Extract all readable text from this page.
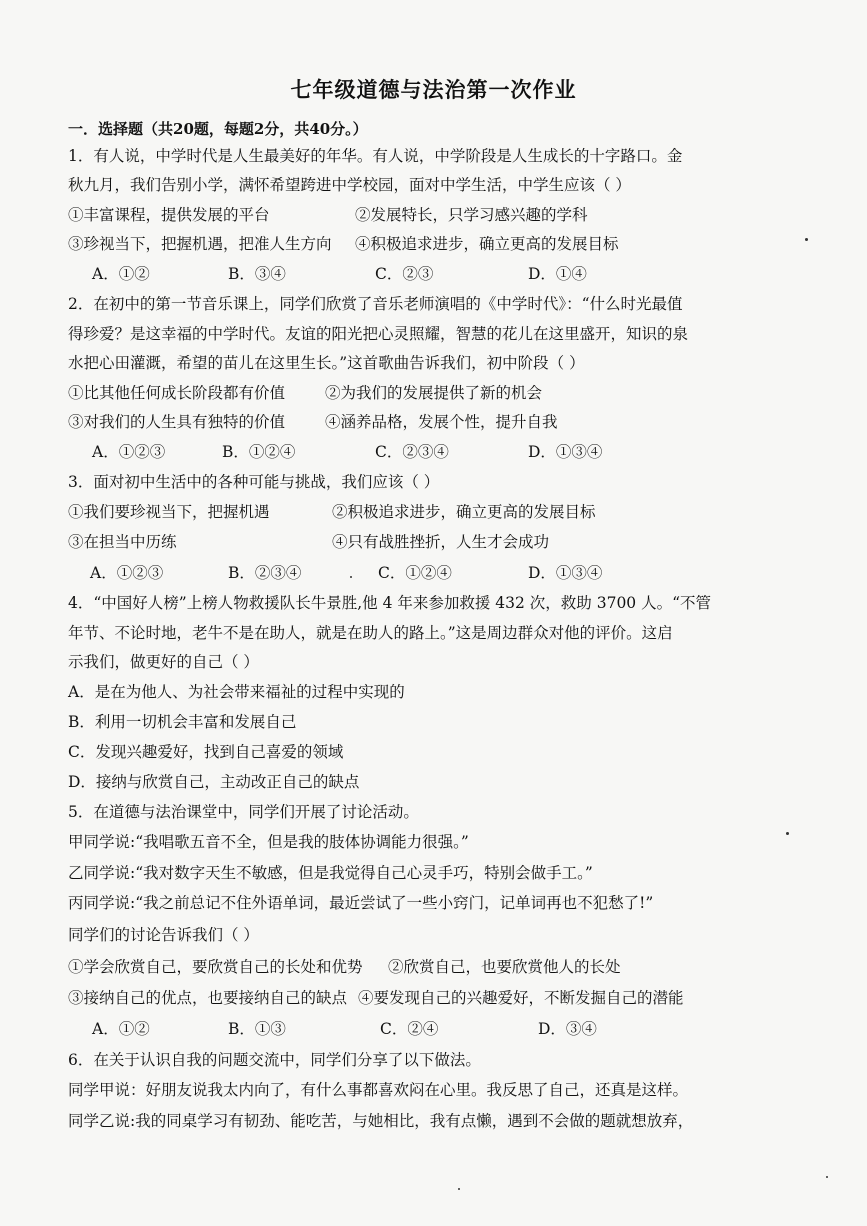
七年级道德与法治第一次作业
一．选择题（共20题，每题2分，共40分。）
1．有人说，中学时代是人生最美好的年华。有人说，中学阶段是人生成长的十字路口。金
秋九月，我们告别小学，满怀希望跨进中学校园，面对中学生活，中学生应该（ ）
①丰富课程，提供发展的平台	②发展特长，只学习感兴趣的学科
③珍视当下，把握机遇，把准人生方向 ④积极追求进步，确立更高的发展目标
A．①②	B．③④	C．②③	D．①④
2．在初中的第一节音乐课上，同学们欣赏了音乐老师演唱的《中学时代》：“什么时光最值
得珍爱？是这幸福的中学时代。友谊的阳光把心灵照耀，智慧的花儿在这里盛开，知识的泉
水把心田灌溉，希望的苗儿在这里生长。”这首歌曲告诉我们，初中阶段（ ）
①比其他任何成长阶段都有价值	②为我们的发展提供了新的机会
③对我们的人生具有独特的价值	④涵养品格，发展个性，提升自我
A．①②③	B．①②④	C．②③④	D．①③④
3．面对初中生活中的各种可能与挑战，我们应该（ ）
①我们要珍视当下，把握机遇	②积极追求进步，确立更高的发展目标
③在担当中历练	④只有战胜挫折，人生才会成功
A．①②③	B．②③④	C．①②④	D．①③④
4．“中国好人榜”上榜人物救援队长牛景胜,他 4 年来参加救援 432 次，救助 3700 人。“不管
年节、不论时地，老牛不是在助人，就是在助人的路上。”这是周边群众对他的评价。这启
示我们，做更好的自己（ ）
A．是在为他人、为社会带来福祉的过程中实现的
B．利用一切机会丰富和发展自己
C．发现兴趣爱好，找到自己喜爱的领域
D．接纳与欣赏自己，主动改正自己的缺点
5．在道德与法治课堂中，同学们开展了讨论活动。
甲同学说:“我唱歌五音不全，但是我的肢体协调能力很强。”
乙同学说:“我对数字天生不敏感，但是我觉得自己心灵手巧，特别会做手工。”
丙同学说:“我之前总记不住外语单词，最近尝试了一些小窍门，记单词再也不犯愁了!”
同学们的讨论告诉我们（ ）
①学会欣赏自己，要欣赏自己的长处和优势 ②欣赏自己，也要欣赏他人的长处
③接纳自己的优点，也要接纳自己的缺点 ④要发现自己的兴趣爱好，不断发掘自己的潜能
A．①②	B．①③	C．②④	D．③④
6．在关于认识自我的问题交流中，同学们分享了以下做法。
同学甲说：好朋友说我太内向了，有什么事都喜欢闷在心里。我反思了自己，还真是这样。
同学乙说:我的同桌学习有韧劲、能吃苦，与她相比，我有点懒，遇到不会做的题就想放弃，
